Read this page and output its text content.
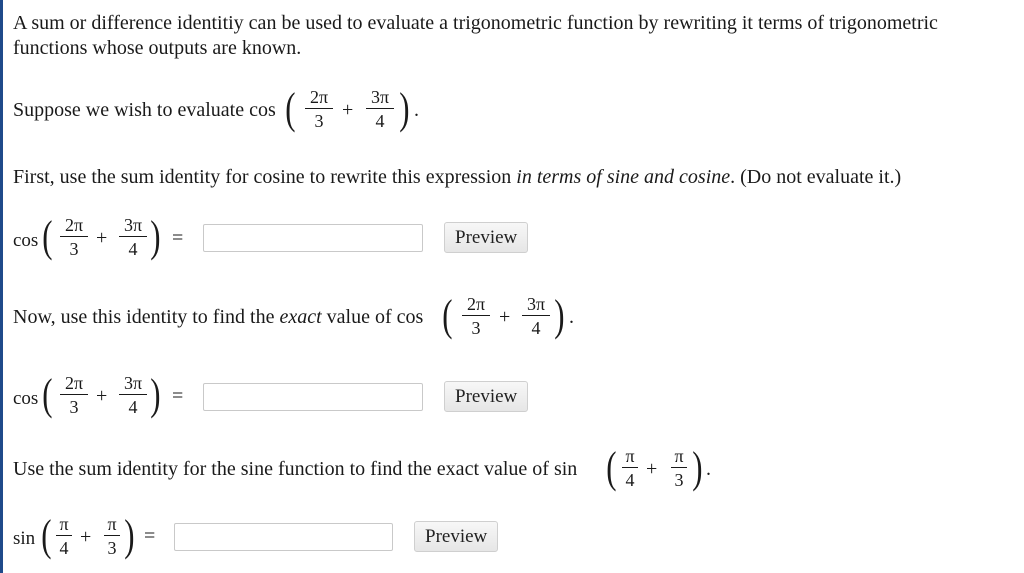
A sum or difference identitiy can be used to evaluate a trigonometric function by rewriting it terms of trigonometric
functions whose outputs are known.
Suppose we wish to evaluate cos ( 2π
3 +
3π
4 ) .
First, use the sum identity for cosine to rewrite this expression in terms of sine and cosine. (Do not evaluate it.)
cos ( 2π
3 +
3π
4 ) =	Preview
Now, use this identity to find the exact value of cos ( 2π
3 +
3π
4 ) .
cos ( 2π
3 +
3π
4 ) =	Preview
Use the sum identity for the sine function to find the exact value of sin ( π
4 +
π
3 ) .
sin ( π
4 +
π
3 ) =	Preview
